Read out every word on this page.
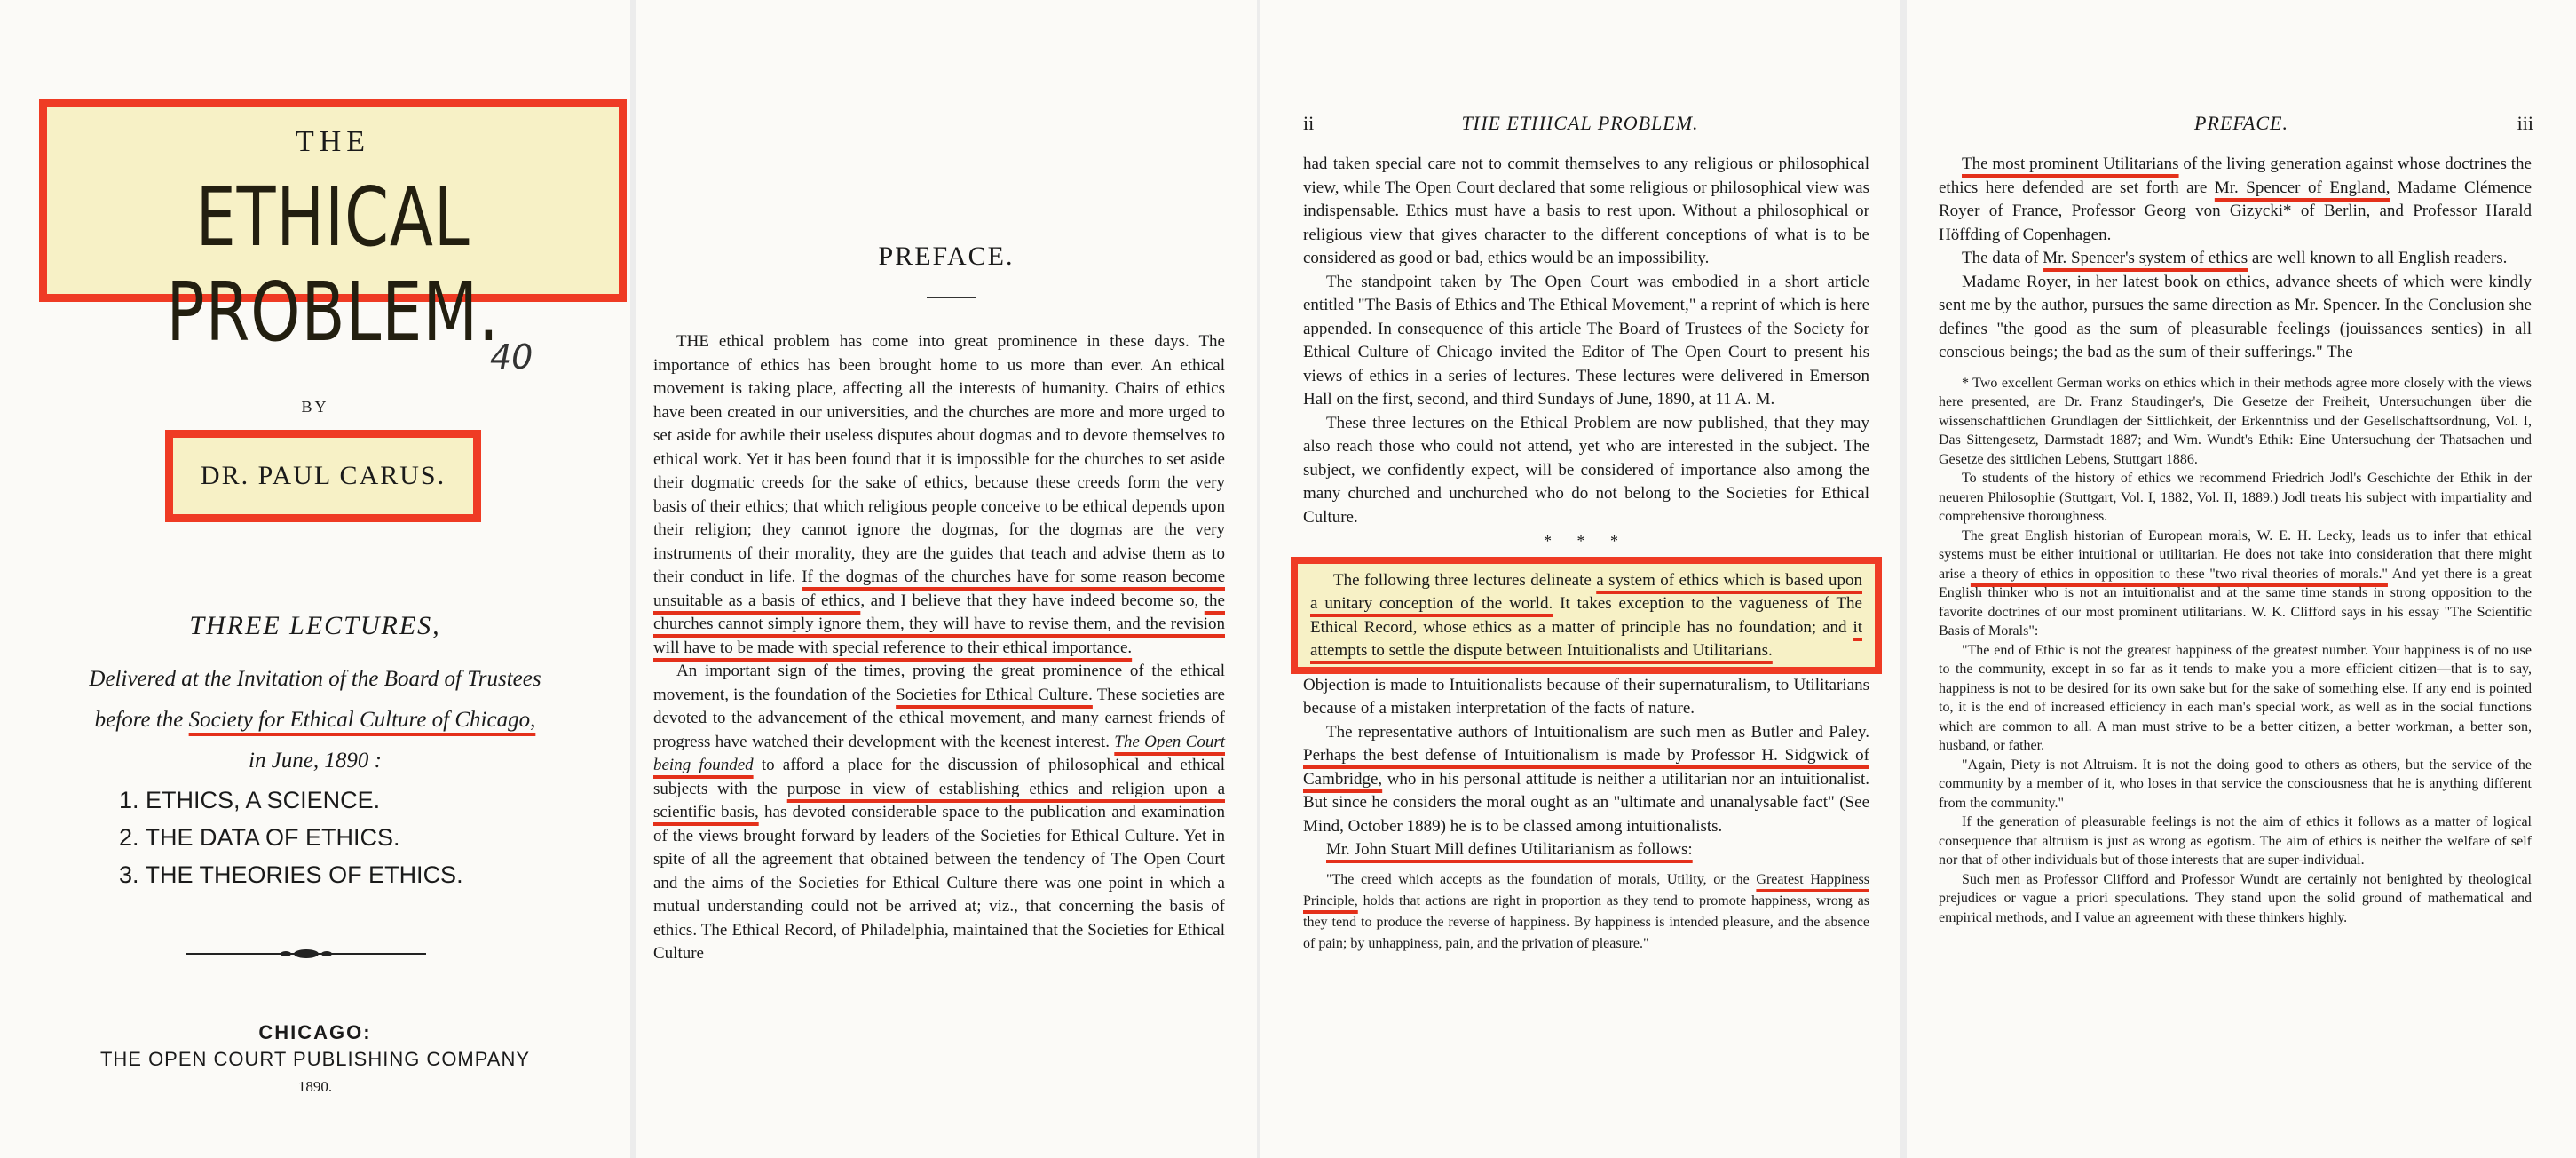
THE
ETHICAL PROBLEM.
40
BY
DR. PAUL CARUS.
THREE LECTURES,
Delivered at the Invitation of the Board of Trustees
before the Society for Ethical Culture of Chicago,
in June, 1890 :
1. ETHICS, A SCIENCE.
2. THE DATA OF ETHICS.
3. THE THEORIES OF ETHICS.
CHICAGO:
THE OPEN COURT PUBLISHING COMPANY
1890.
PREFACE.

THE ethical problem has come into great prominence in these days. The importance of ethics has been brought home to us more than ever. An ethical movement is taking place, affecting all the interests of humanity. Chairs of ethics have been created in our universities, and the churches are more and more urged to set aside for awhile their useless disputes about dogmas and to devote themselves to ethical work. Yet it has been found that it is impossible for the churches to set aside their dogmatic creeds for the sake of ethics, because these creeds form the very basis of their ethics; that which religious people conceive to be ethical depends upon their religion; they cannot ignore the dogmas, for the dogmas are the very instruments of their morality, they are the guides that teach and advise them as to their conduct in life. If the dogmas of the churches have for some reason become unsuitable as a basis of ethics, and I believe that they have indeed become so, the churches cannot simply ignore them, they will have to revise them, and the revision will have to be made with special reference to their ethical importance.

An important sign of the times, proving the great prominence of the ethical movement, is the foundation of the Societies for Ethical Culture. These societies are devoted to the advancement of the ethical movement, and many earnest friends of progress have watched their development with the keenest interest. The Open Court being founded to afford a place for the discussion of philosophical and ethical subjects with the purpose in view of establishing ethics and religion upon a scientific basis, has devoted considerable space to the publication and examination of the views brought forward by leaders of the Societies for Ethical Culture. Yet in spite of all the agreement that obtained between the tendency of The Open Court and the aims of the Societies for Ethical Culture there was one point in which a mutual understanding could not be arrived at; viz., that concerning the basis of ethics. The Ethical Record, of Philadelphia, maintained that the Societies for Ethical Culture

ii	THE ETHICAL PROBLEM.

had taken special care not to commit themselves to any religious or philosophical view, while The Open Court declared that some religious or philosophical view was indispensable. Ethics must have a basis to rest upon. Without a philosophical or religious view that gives character to the different conceptions of what is to be considered as good or bad, ethics would be an impossibility.

The standpoint taken by The Open Court was embodied in a short article entitled "The Basis of Ethics and The Ethical Movement," a reprint of which is here appended. In consequence of this article The Board of Trustees of the Society for Ethical Culture of Chicago invited the Editor of The Open Court to present his views of ethics in a series of lectures. These lectures were delivered in Emerson Hall on the first, second, and third Sundays of June, 1890, at 11 A. M.

These three lectures on the Ethical Problem are now published, that they may also reach those who could not attend, yet who are interested in the subject. The subject, we confidently expect, will be considered of importance also among the many churched and unchurched who do not belong to the Societies for Ethical Culture.

* * *

The following three lectures delineate a system of ethics which is based upon a unitary conception of the world. It takes exception to the vagueness of The Ethical Record, whose ethics as a matter of principle has no foundation; and it attempts to settle the dispute between Intuitionalists and Utilitarians.

Objection is made to Intuitionalists because of their supernaturalism, to Utilitarians because of a mistaken interpretation of the facts of nature.

The representative authors of Intuitionalism are such men as Butler and Paley. Perhaps the best defense of Intuitionalism is made by Professor H. Sidgwick of Cambridge, who in his personal attitude is neither a utilitarian nor an intuitionalist. But since he considers the moral ought as an "ultimate and unanalysable fact" (See Mind, October 1889) he is to be classed among intuitionalists.

Mr. John Stuart Mill defines Utilitarianism as follows:

"The creed which accepts as the foundation of morals, Utility, or the Greatest Happiness Principle, holds that actions are right in proportion as they tend to promote happiness, wrong as they tend to produce the reverse of happiness. By happiness is intended pleasure, and the absence of pain; by unhappiness, pain, and the privation of pleasure."

PREFACE.	iii

The most prominent Utilitarians of the living generation against whose doctrines the ethics here defended are set forth are Mr. Spencer of England, Madame Clémence Royer of France, Professor Georg von Gizycki* of Berlin, and Professor Harald Höffding of Copenhagen.

The data of Mr. Spencer's system of ethics are well known to all English readers.

Madame Royer, in her latest book on ethics, advance sheets of which were kindly sent me by the author, pursues the same direction as Mr. Spencer. In the Conclusion she defines "the good as the sum of pleasurable feelings (jouissances senties) in all conscious beings; the bad as the sum of their sufferings." The

* Two excellent German works on ethics which in their methods agree more closely with the views here presented, are Dr. Franz Staudinger's, Die Gesetze der Freiheit, Untersuchungen über die wissenschaftlichen Grundlagen der Sittlichkeit, der Erkenntniss und der Gesellschaftsordnung, Vol. I, Das Sittengesetz, Darmstadt 1887; and Wm. Wundt's Ethik: Eine Untersuchung der Thatsachen und Gesetze des sittlichen Lebens, Stuttgart 1886.

To students of the history of ethics we recommend Friedrich Jodl's Geschichte der Ethik in der neueren Philosophie (Stuttgart, Vol. I, 1882, Vol. II, 1889.) Jodl treats his subject with impartiality and comprehensive thoroughness.

The great English historian of European morals, W. E. H. Lecky, leads us to infer that ethical systems must be either intuitional or utilitarian. He does not take into consideration that there might arise a theory of ethics in opposition to these "two rival theories of morals." And yet there is a great English thinker who is not an intuitionalist and at the same time stands in strong opposition to the favorite doctrines of our most prominent utilitarians. W. K. Clifford says in his essay "The Scientific Basis of Morals":

"The end of Ethic is not the greatest happiness of the greatest number. Your happiness is of no use to the community, except in so far as it tends to make you a more efficient citizen—that is to say, happiness is not to be desired for its own sake but for the sake of something else. If any end is pointed to, it is the end of increased efficiency in each man's special work, as well as in the social functions which are common to all. A man must strive to be a better citizen, a better workman, a better son, husband, or father.

"Again, Piety is not Altruism. It is not the doing good to others as others, but the service of the community by a member of it, who loses in that service the consciousness that he is anything different from the community."

If the generation of pleasurable feelings is not the aim of ethics it follows as a matter of logical consequence that altruism is just as wrong as egotism. The aim of ethics is neither the welfare of self nor that of other individuals but of those interests that are super-individual.

Such men as Professor Clifford and Professor Wundt are certainly not benighted by theological prejudices or vague a priori speculations. They stand upon the solid ground of mathematical and empirical methods, and I value an agreement with these thinkers highly.
